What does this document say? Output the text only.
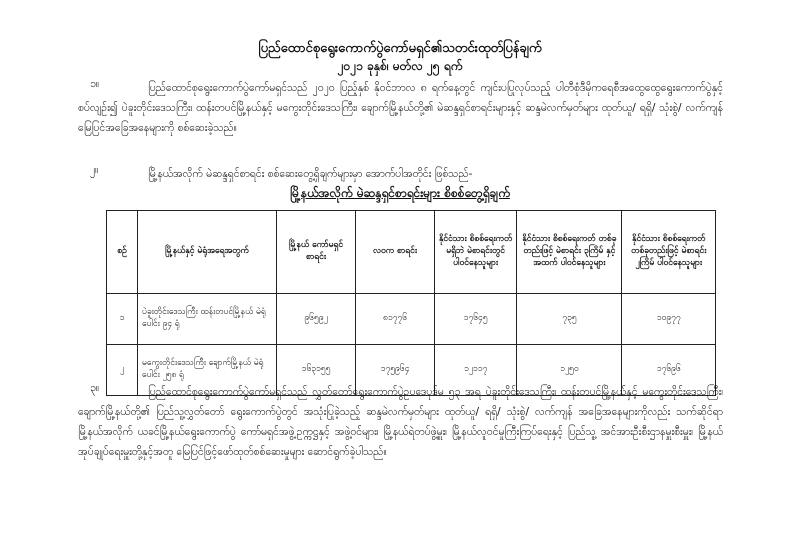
ပြည်ထောင်စုရွေးကောက်ပွဲကော်မရှင်၏သတင်းထုတ်ပြန်ချက်
၂၀၂၁ ခုနှစ်၊ မတ်လ ၂၅ ရက်
၁။	ပြည်ထောင်စုရွေးကောက်ပွဲကော်မရှင်သည် ၂၀၂၀ ပြည့်နှစ် နိုဝင်ဘာလ ၈ ရက်နေ့တွင် ကျင်းပပြုလုပ်သည့် ပါတီစုံဒီမိုကရေစီအထွေထွေရွေးကောက်ပွဲနှင့်စပ်လျဉ်း၍ ပဲခူးတိုင်းဒေသကြီး၊ ထန်းတပင်မြို့နယ်နှင့် မကွေးတိုင်းဒေသကြီး၊ ချောက်မြို့နယ်တို့၏ မဲဆန္ဒရှင်စာရင်းများနှင့် ဆန္ဒမဲလက်မှတ်များ ထုတ်ယူ/ ရရှိ/ သုံးစွဲ/ လက်ကျန် မြေပြင်အခြေအနေများကို စစ်ဆေးခဲ့သည်။
၂။	မြို့နယ်အလိုက် မဲဆန္ဒရှင်စာရင်း စစ်ဆေးတွေ့ရှိချက်များမှာ အောက်ပါအတိုင်း ဖြစ်သည်-
မြို့နယ်အလိုက် မဲဆန္ဒရှင်စာရင်းများ စိစစ်တွေ့ရှိချက်
စဉ်	မြို့နယ်နှင့် မဲရုံအရေအတွက်	မြို့နယ် ကော်မရှင် စာရင်း	လဝက စာရင်း	နိုင်ငံသား စိစစ်ရေးကတ် မရှိဘဲ မဲစာရင်းတွင် ပါဝင်နေသူများ	နိုင်ငံသား စိစစ်ရေးကတ် တစ်ခုတည်းဖြင့် မဲစာရင်း ၃ကြိမ် နှင့် အထက် ပါဝင်နေသူများ	နိုင်ငံသား စိစစ်ရေးကတ် တစ်ခုတည်းဖြင့် မဲစာရင်း ၂ကြိမ် ပါဝင်နေသူများ
၁	ပဲခူးတိုင်းဒေသကြီး ထန်းတပင်မြို့နယ် မဲရုံပေါင်း ၉၄ ရုံ	၉၆၅၉၂	၈၁၇၇၆	၁၇၆၄၅	၇၃၅	၁၀၉၇၇
၂	မကွေးတိုင်းဒေသကြီး ချောက်မြို့နယ် မဲရုံပေါင်း ၂၅၈ ရုံ	၁၆၃၁၅၅	၁၇၅၉၆၄	၁၂၁၁၇	၁၂၅၀	၁၇၆၉၆
၃။	ပြည်ထောင်စုရွေးကောက်ပွဲကော်မရှင်သည် လွှတ်တော်ရွေးကောက်ပွဲဥပဒေပုဒ်မ ၅၃ အရ ပဲခူးတိုင်းဒေသကြီး၊ ထန်းတပင်မြို့နယ်နှင့် မကွေးတိုင်းဒေသကြီး၊ ချောက်မြို့နယ်တို့၏ ပြည်သူ့လွှတ်တော် ရွေးကောက်ပွဲတွင် အသုံးပြုခဲ့သည့် ဆန္ဒမဲလက်မှတ်များ ထုတ်ယူ/ ရရှိ/ သုံးစွဲ/ လက်ကျန် အခြေအနေများကိုလည်း သက်ဆိုင်ရာ မြို့နယ်အလိုက် ယခင်မြို့နယ်ရွေးကောက်ပွဲ ကော်မရှင်အဖွဲ့ဥက္ကဋ္ဌနှင့် အဖွဲ့ဝင်များ၊ မြို့နယ်ရဲတပ်ဖွဲ့မှူး၊ မြို့နယ်လူဝင်မှုကြီးကြပ်ရေးနှင့် ပြည်သူ့ အင်အားဦးစီးဌာနမှူးစီးမှူး၊ မြို့နယ်အုပ်ချုပ်ရေးမှူးတို့နှင့်အတူ မြေပြင်ဖြင့်ဖော်ထုတ်စစ်ဆေးမှုများ ဆောင်ရွက်ခဲ့ပါသည်။
